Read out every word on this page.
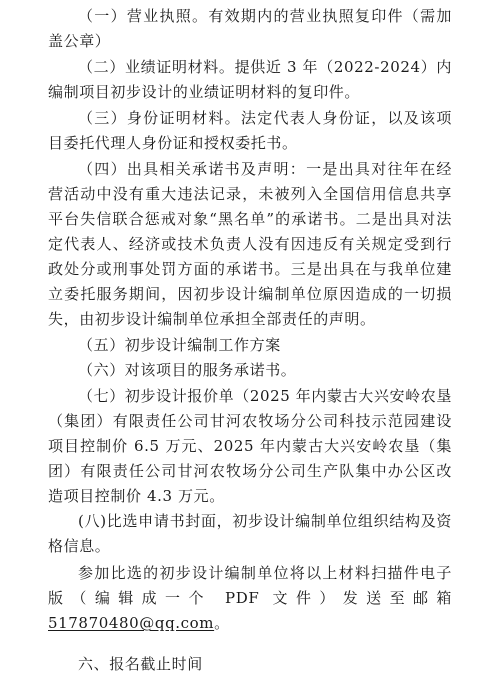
（一）营业执照。有效期内的营业执照复印件（需加盖公章）

（二）业绩证明材料。提供近 3 年（2022-2024）内编制项目初步设计的业绩证明材料的复印件。

（三）身份证明材料。法定代表人身份证，以及该项目委托代理人身份证和授权委托书。

（四）出具相关承诺书及声明：一是出具对往年在经营活动中没有重大违法记录，未被列入全国信用信息共享平台失信联合惩戒对象“黑名单”的承诺书。二是出具对法定代表人、经济或技术负责人没有因违反有关规定受到行政处分或刑事处罚方面的承诺书。三是出具在与我单位建立委托服务期间，因初步设计编制单位原因造成的一切损失，由初步设计编制单位承担全部责任的声明。

（五）初步设计编制工作方案

（六）对该项目的服务承诺书。

（七）初步设计报价单（2025 年内蒙古大兴安岭农垦（集团）有限责任公司甘河农牧场分公司科技示范园建设项目控制价 6.5 万元、2025 年内蒙古大兴安岭农垦（集团）有限责任公司甘河农牧场分公司生产队集中办公区改造项目控制价 4.3 万元。

(八)比选申请书封面，初步设计编制单位组织结构及资格信息。

参加比选的初步设计编制单位将以上材料扫描件电子版（编辑成一个 PDF 文件）发送至邮箱517870480@qq.com。

六、报名截止时间
